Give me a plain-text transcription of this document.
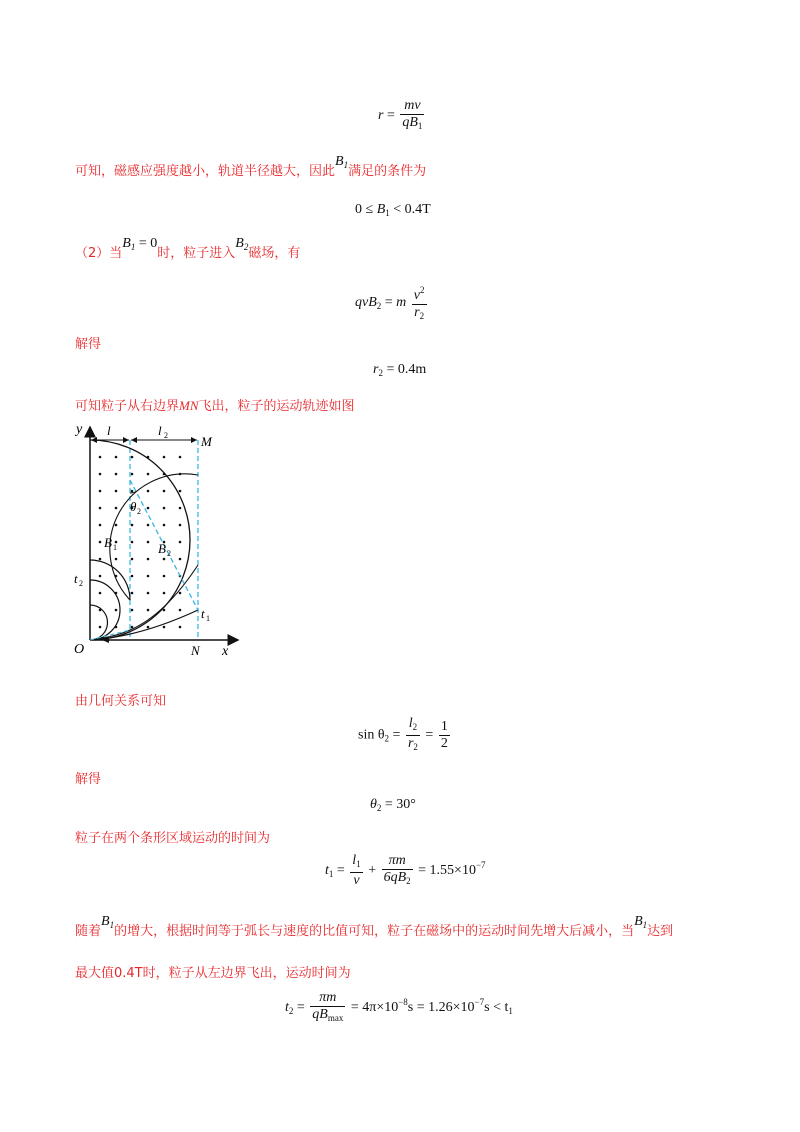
$r = \frac{mv}{qB_1}$
可知，磁感应强度越小，轨道半径越大，因此$B_1$满足的条件为
$0 \le B_1 < 0.4T$
（2）当$B_1 = 0$时，粒子进入$B_2$磁场，有
qvB$_2$ = m $\frac{v^2}{r_2}$
解得
$r_2 = 0.4m$
可知粒子从右边界MN飞出，粒子的运动轨迹如图
y
x
O	N
M
l	l 2
θ 2
B 1	B 2
t 1
t 2
由几何关系可知
$\sin \theta_2 = \frac{l_2}{r_2} = \frac{1}{2}$
解得
$\theta_2 = 30^\circ$
粒子在两个条形区域运动的时间为
$t_1 = \frac{l_1}{v} + \frac{\pi m}{6qB_2} = 1.55\times 10^{-7}$
随着$B_1$的增大，根据时间等于弧长与速度的比值可知，粒子在磁场中的运动时间先增大后减小，当$B_1$达到
最大值0.4T时，粒子从左边界飞出，运动时间为
$t_2 = \frac{\pi m}{qB_{max}} = 4\pi\times 10^{-8}s = 1.26\times 10^{-7}s < t_1$
